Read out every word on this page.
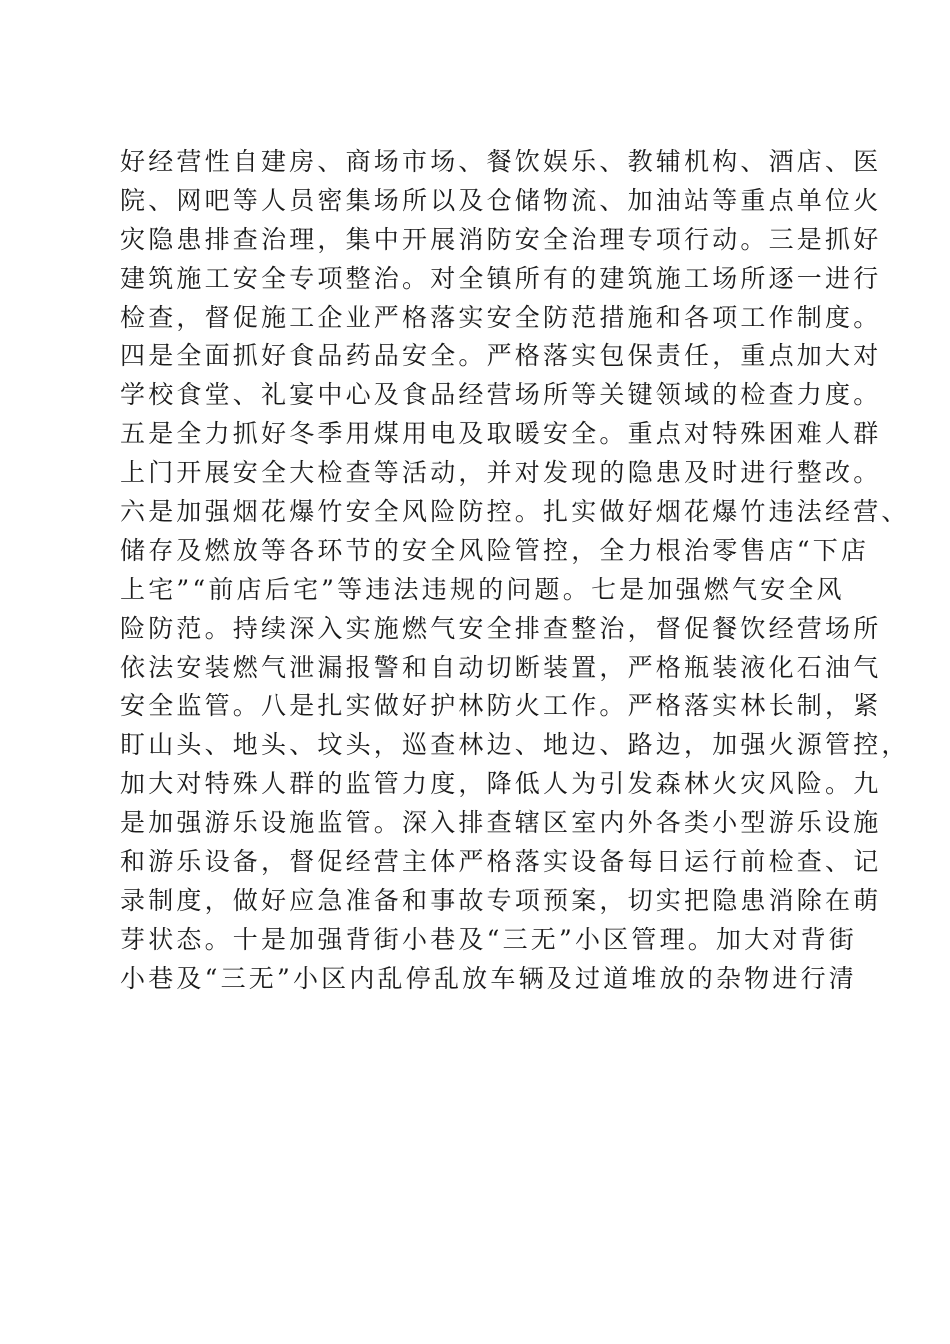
好经营性自建房、商场市场、餐饮娱乐、教辅机构、酒店、医
院、网吧等人员密集场所以及仓储物流、加油站等重点单位火
灾隐患排查治理，集中开展消防安全治理专项行动。三是抓好
建筑施工安全专项整治。对全镇所有的建筑施工场所逐一进行
检查，督促施工企业严格落实安全防范措施和各项工作制度。
四是全面抓好食品药品安全。严格落实包保责任，重点加大对
学校食堂、礼宴中心及食品经营场所等关键领域的检查力度。
五是全力抓好冬季用煤用电及取暖安全。重点对特殊困难人群
上门开展安全大检查等活动，并对发现的隐患及时进行整改。
六是加强烟花爆竹安全风险防控。扎实做好烟花爆竹违法经营、
储存及燃放等各环节的安全风险管控，全力根治零售店“下店
上宅”“前店后宅”等违法违规的问题。七是加强燃气安全风
险防范。持续深入实施燃气安全排查整治，督促餐饮经营场所
依法安装燃气泄漏报警和自动切断装置，严格瓶装液化石油气
安全监管。八是扎实做好护林防火工作。严格落实林长制，紧
盯山头、地头、坟头，巡查林边、地边、路边，加强火源管控，
加大对特殊人群的监管力度，降低人为引发森林火灾风险。九
是加强游乐设施监管。深入排查辖区室内外各类小型游乐设施
和游乐设备，督促经营主体严格落实设备每日运行前检查、记
录制度，做好应急准备和事故专项预案，切实把隐患消除在萌
芽状态。十是加强背街小巷及“三无”小区管理。加大对背街
小巷及“三无”小区内乱停乱放车辆及过道堆放的杂物进行清
